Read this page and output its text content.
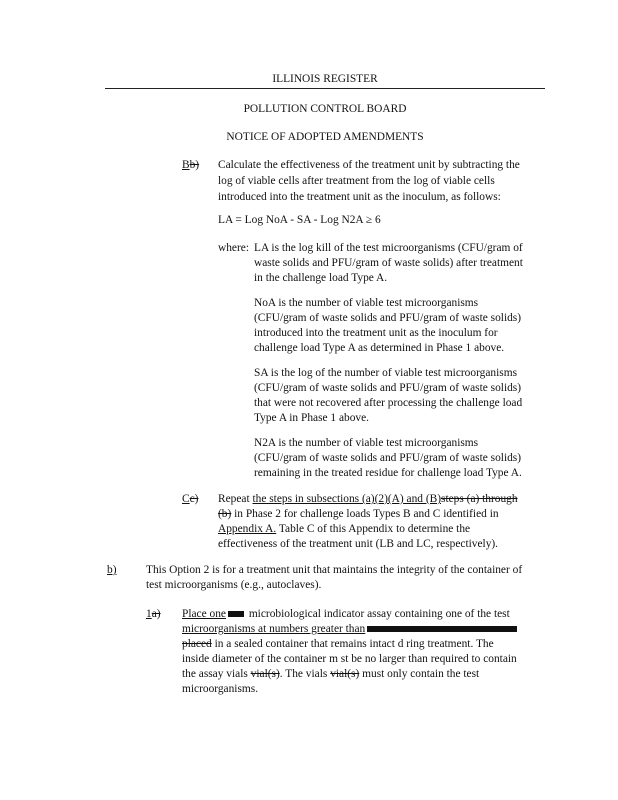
ILLINOIS REGISTER
POLLUTION CONTROL BOARD
NOTICE OF ADOPTED AMENDMENTS
Bb) Calculate the effectiveness of the treatment unit by subtracting the
log of viable cells after treatment from the log of viable cells
introduced into the treatment unit as the inoculum, as follows:
LA = Log NoA - SA - Log N2A ≥ 6
where: LA is the log kill of the test microorganisms (CFU/gram of
waste solids and PFU/gram of waste solids) after treatment
in the challenge load Type A.
NoA is the number of viable test microorganisms
(CFU/gram of waste solids and PFU/gram of waste solids)
introduced into the treatment unit as the inoculum for
challenge load Type A as determined in Phase 1 above.
SA is the log of the number of viable test microorganisms
(CFU/gram of waste solids and PFU/gram of waste solids)
that were not recovered after processing the challenge load
Type A in Phase 1 above.
N2A is the number of viable test microorganisms
(CFU/gram of waste solids and PFU/gram of waste solids)
remaining in the treated residue for challenge load Type A.
Cc) Repeat the steps in subsections (a)(2)(A) and (B)steps (a) through
(b) in Phase 2 for challenge loads Types B and C identified in
Appendix A. Table C of this Appendix to determine the
effectiveness of the treatment unit (LB and LC, respectively).
b)	This Option 2 is for a treatment unit that maintains the integrity of the container of
test microorganisms (e.g., autoclaves).
1a) Place one microbiological indicator assay containing one of the test
microorganisms at numbers greater than
placed in a sealed container that remains intact d ring treatment. The
inside diameter of the container m st be no larger than required to contain
the assay vials vial(s). The vials vial(s) must only contain the test
microorganisms.
